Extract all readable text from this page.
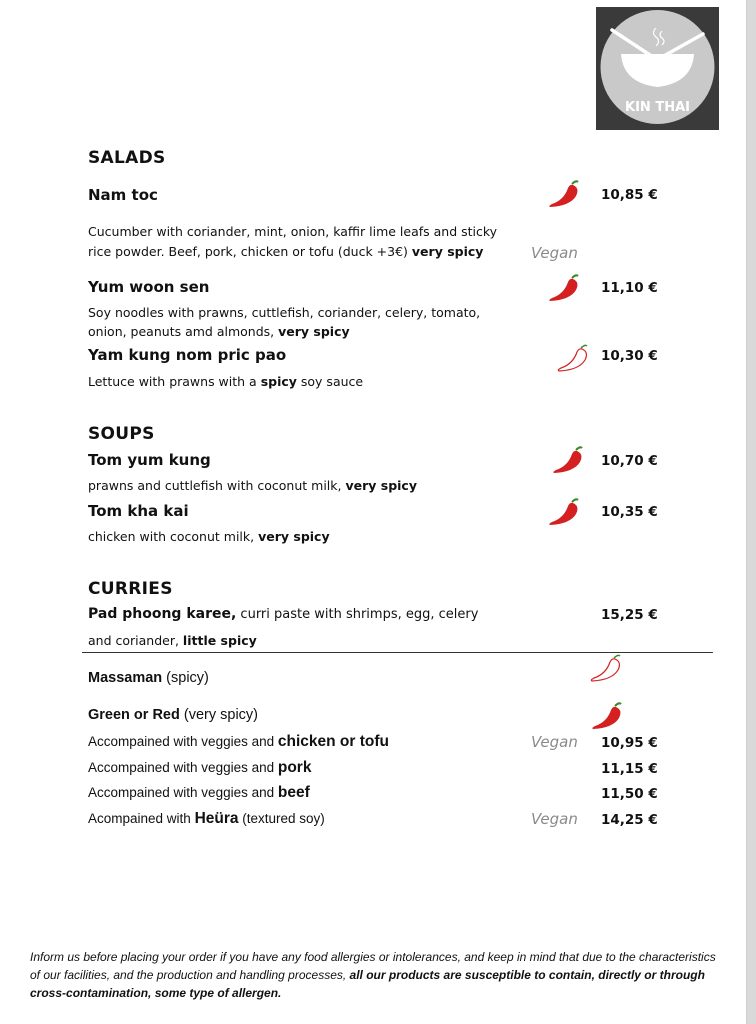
KIN THAI
SALADS
Nam toc	10,85 €
Cucumber with coriander, mint, onion, kaffir lime leafs and sticky
rice powder. Beef, pork, chicken or tofu (duck +3€) very spicy	Vegan
Yum woon sen	11,10 €
Soy noodles with prawns, cuttlefish, coriander, celery, tomato,
onion, peanuts amd almonds, very spicy
Yam kung nom pric pao	10,30 €
Lettuce with prawns with a spicy soy sauce
SOUPS
Tom yum kung	10,70 €
prawns and cuttlefish with coconut milk, very spicy
Tom kha kai	10,35 €
chicken with coconut milk, very spicy
CURRIES
Pad phoong karee, curri paste with shrimps, egg, celery	15,25 €
and coriander, little spicy
Massaman (spicy)
Green or Red (very spicy)
Accompained with veggies and chicken or tofu	Vegan 10,95 €
Accompained with veggies and pork	11,15 €
Accompained with veggies and beef	11,50 €
Acompained with Heüra (textured soy)	Vegan 14,25 €
Inform us before placing your order if you have any food allergies or intolerances, and keep in mind that due to the characteristics of our facilities, and the production and handling processes, all our products are susceptible to contain, directly or through cross-contamination, some type of allergen.
